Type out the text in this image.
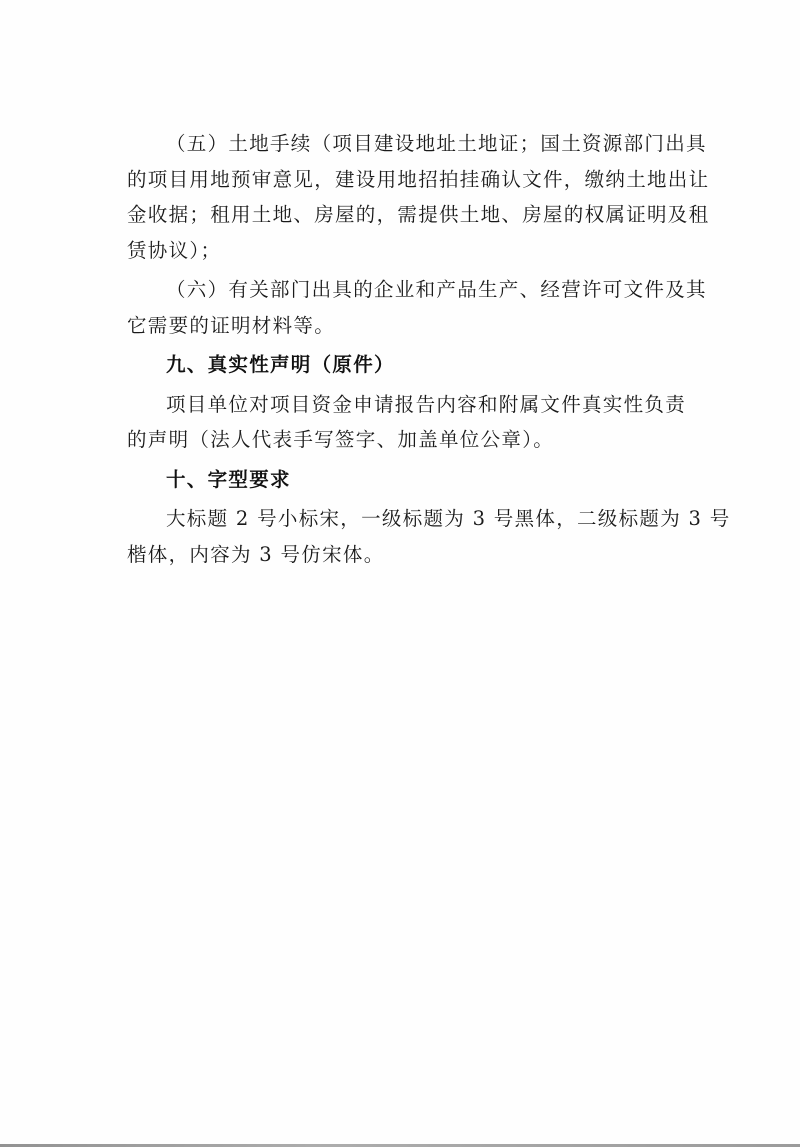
（五）土地手续（项目建设地址土地证；国土资源部门出具
的项目用地预审意见，建设用地招拍挂确认文件，缴纳土地出让
金收据；租用土地、房屋的，需提供土地、房屋的权属证明及租
赁协议）；

（六）有关部门出具的企业和产品生产、经营许可文件及其
它需要的证明材料等。

九、真实性声明（原件）

项目单位对项目资金申请报告内容和附属文件真实性负责
的声明（法人代表手写签字、加盖单位公章）。

十、字型要求

大标题 2 号小标宋，一级标题为 3 号黑体，二级标题为 3 号
楷体，内容为 3 号仿宋体。
